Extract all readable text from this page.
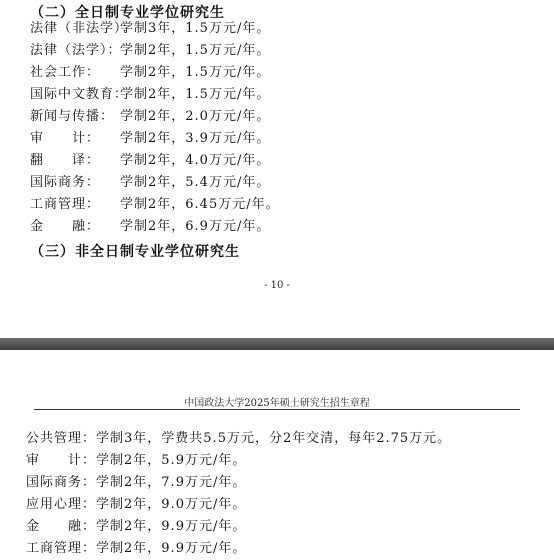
（二）全日制专业学位研究生
法律（非法学）：学制3年，1.5万元/年。
法律（法学）：学制2年，1.5万元/年。
社会工作： 学制2年，1.5万元/年。
国际中文教育：学制2年，1.5万元/年。
新闻与传播： 学制2年，2.0万元/年。
审　　计： 学制2年，3.9万元/年。
翻　　译： 学制2年，4.0万元/年。
国际商务： 学制2年，5.4万元/年。
工商管理： 学制2年，6.45万元/年。
金　　融： 学制2年，6.9万元/年。
（三）非全日制专业学位研究生
- 10 -
中国政法大学2025年硕士研究生招生章程
公共管理：学制3年，学费共5.5万元，分2年交清，每年2.75万元。
审　　计：学制2年，5.9万元/年。
国际商务：学制2年，7.9万元/年。
应用心理：学制2年，9.0万元/年。
金　　融：学制2年，9.9万元/年。
工商管理：学制2年，9.9万元/年。
